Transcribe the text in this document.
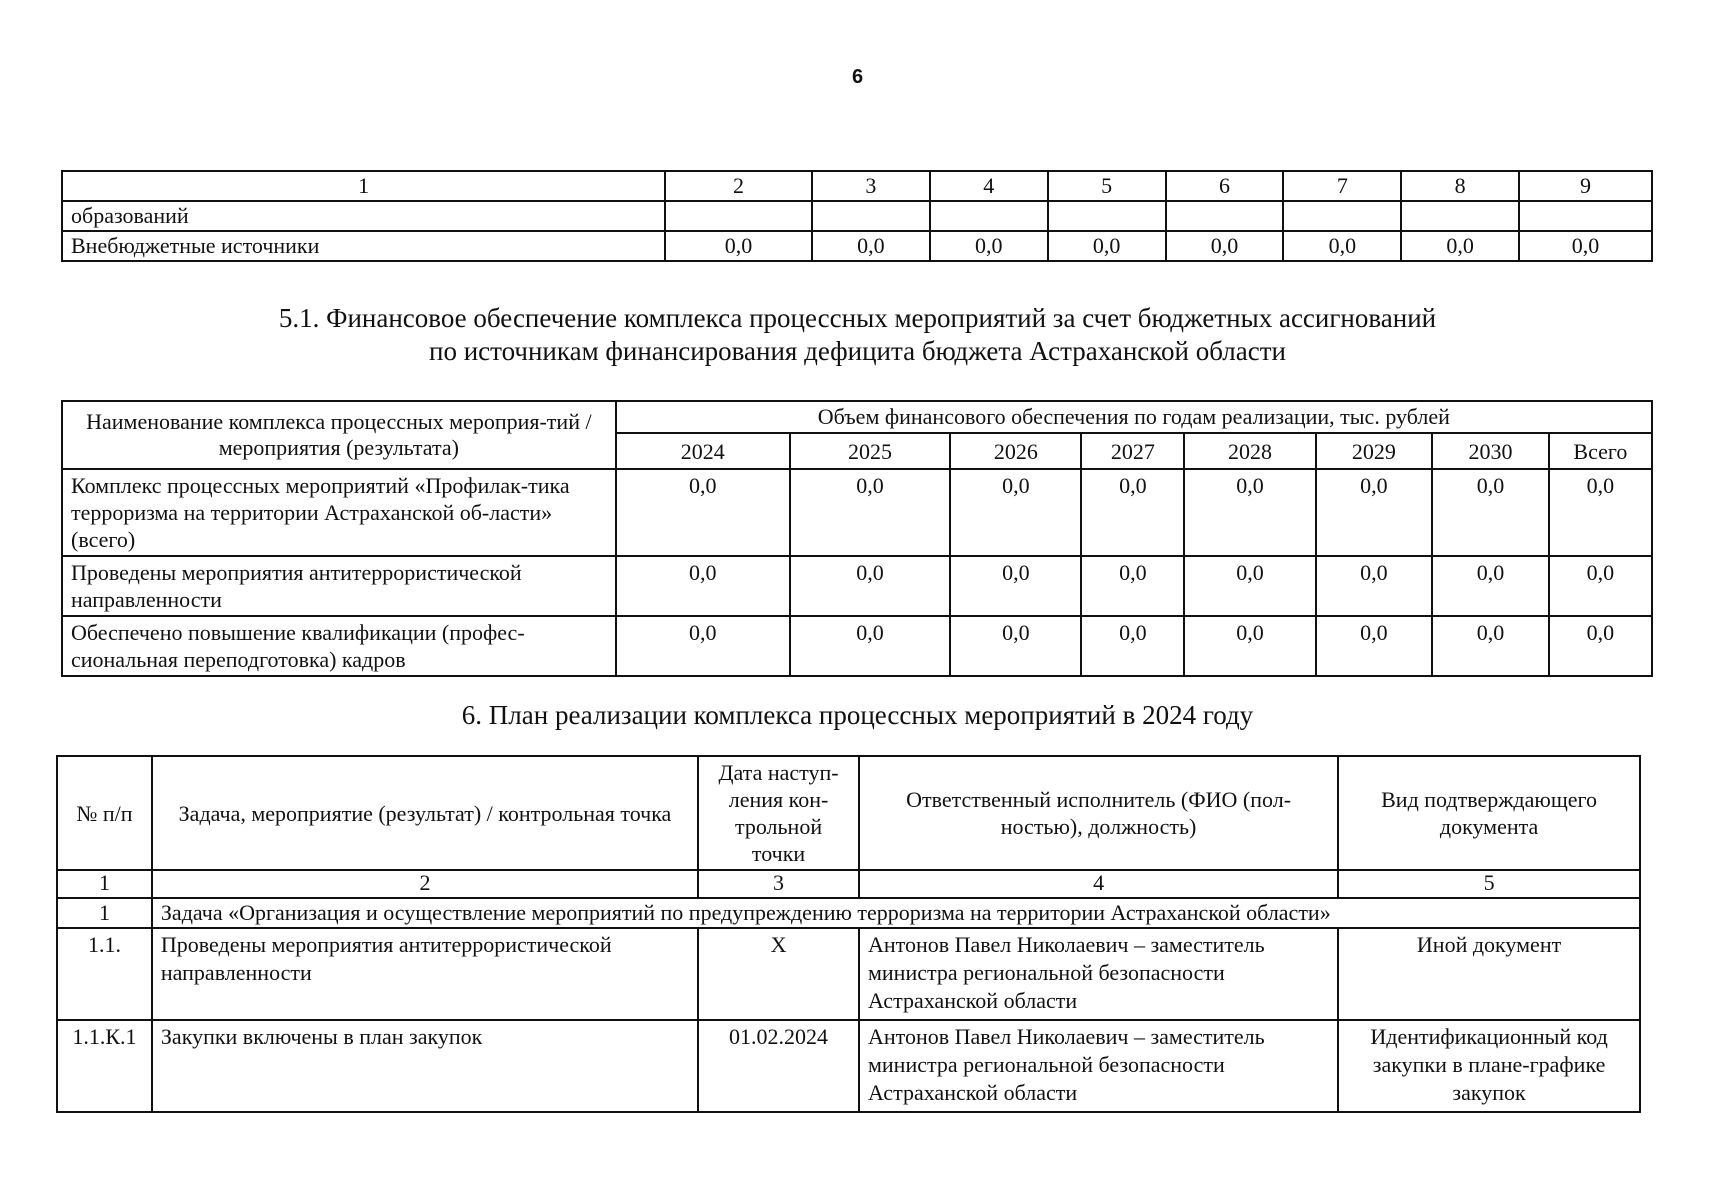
6
1	2	3	4	5	6	7	8	9
образований								
Внебюджетные источники	0,0	0,0	0,0	0,0	0,0	0,0	0,0	0,0
5.1. Финансовое обеспечение комплекса процессных мероприятий за счет бюджетных ассигнований
по источникам финансирования дефицита бюджета Астраханской области
Наименование комплекса процессных мероприя-тий / мероприятия (результата)	Объем финансового обеспечения по годам реализации, тыс. рублей							
	2024	2025	2026	2027	2028	2029	2030	Всего
Комплекс процессных мероприятий «Профилак-тика терроризма на территории Астраханской об-ласти» (всего)	0,0	0,0	0,0	0,0	0,0	0,0	0,0	0,0
Проведены мероприятия антитеррористической направленности	0,0	0,0	0,0	0,0	0,0	0,0	0,0	0,0
Обеспечено повышение квалификации (профес-сиональная переподготовка) кадров	0,0	0,0	0,0	0,0	0,0	0,0	0,0	0,0
6. План реализации комплекса процессных мероприятий в 2024 году
№ п/п	Задача, мероприятие (результат) / контрольная точка	Дата наступ-ления кон-трольной точки	Ответственный исполнитель (ФИО (пол-ностью), должность)	Вид подтверждающего документа
1	2	3	4	5
1	Задача «Организация и осуществление мероприятий по предупреждению терроризма на территории Астраханской области»			
1.1.	Проведены мероприятия антитеррористической направленности	X	Антонов Павел Николаевич – заместитель министра региональной безопасности Астраханской области	Иной документ
1.1.К.1	Закупки включены в план закупок	01.02.2024	Антонов Павел Николаевич – заместитель министра региональной безопасности Астраханской области	Идентификационный код закупки в плане-графике закупок
